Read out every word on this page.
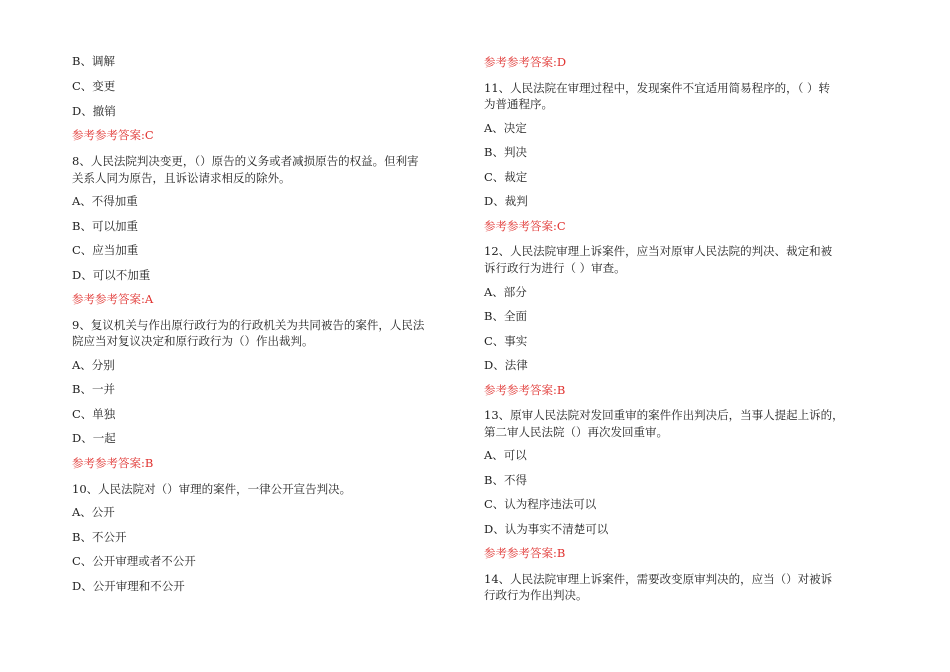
B、调解
C、变更
D、撤销
参考参考答案:C
8、人民法院判决变更，（）原告的义务或者减损原告的权益。但利害
关系人同为原告，且诉讼请求相反的除外。
A、不得加重
B、可以加重
C、应当加重
D、可以不加重
参考参考答案:A
9、复议机关与作出原行政行为的行政机关为共同被告的案件，人民法
院应当对复议决定和原行政行为（）作出裁判。
A、分别
B、一并
C、单独
D、一起
参考参考答案:B
10、人民法院对（）审理的案件，一律公开宣告判决。
A、公开
B、不公开
C、公开审理或者不公开
D、公开审理和不公开
参考参考答案:D
11、人民法院在审理过程中，发现案件不宜适用简易程序的，（ ）转
为普通程序。
A、决定
B、判决
C、裁定
D、裁判
参考参考答案:C
12、人民法院审理上诉案件，应当对原审人民法院的判决、裁定和被
诉行政行为进行（ ）审查。
A、部分
B、全面
C、事实
D、法律
参考参考答案:B
13、原审人民法院对发回重审的案件作出判决后，当事人提起上诉的，
第二审人民法院（）再次发回重审。
A、可以
B、不得
C、认为程序违法可以
D、认为事实不清楚可以
参考参考答案:B
14、人民法院审理上诉案件，需要改变原审判决的，应当（）对被诉
行政行为作出判决。
